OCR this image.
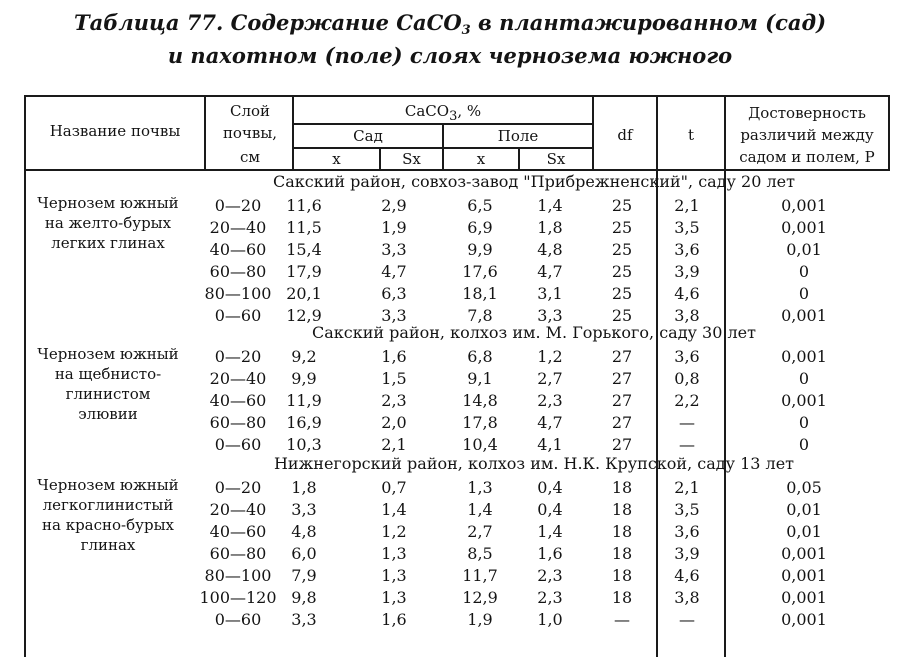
Таблица 77. Содержание CaCO$_3$ в плантажированном (сад)
и пахотном (поле) слоях чернозема южного
Название почвы
Слой
почвы,
см
CaCO$_3$, %
Сад	Поле
x	Sx	x	Sx
df	t
Достоверность
различий между
садом и полем, P
Сакский район, совхоз-завод "Прибрежненский", саду 20 лет
Чернозем южный
на желто-бурых
легких глинах
0—20	11,6	2,9	6,5	1,4	25	2,1	0,001
20—40	11,5	1,9	6,9	1,8	25	3,5	0,001
40—60	15,4	3,3	9,9	4,8	25	3,6	0,01
60—80	17,9	4,7	17,6	4,7	25	3,9	0
80—100 20,1	6,3	18,1	3,1	25	4,6	0
0—60	12,9	3,3	7,8	3,3	25	3,8	0,001
Сакский район, колхоз им. М. Горького, саду 30 лет
Чернозем южный
на щебнисто-
глинистом
элювии
0—20	9,2	1,6	6,8	1,2	27	3,6	0,001
20—40	9,9	1,5	9,1	2,7	27	0,8	0
40—60	11,9	2,3	14,8	2,3	27	2,2	0,001
60—80	16,9	2,0	17,8	4,7	27	—	0
0—60	10,3	2,1	10,4	4,1	27	—	0
Нижнегорский район, колхоз им. Н.К. Крупской, саду 13 лет
Чернозем южный
легкоглинистый
на красно-бурых
глинах
0—20	1,8	0,7	1,3	0,4	18	2,1	0,05
20—40	3,3	1,4	1,4	0,4	18	3,5	0,01
40—60	4,8	1,2	2,7	1,4	18	3,6	0,01
60—80	6,0	1,3	8,5	1,6	18	3,9	0,001
80—100	7,9	1,3	11,7	2,3	18	4,6	0,001
100—120 9,8	1,3	12,9	2,3	18	3,8	0,001
0—60	3,3	1,6	1,9	1,0	—	—	0,001
